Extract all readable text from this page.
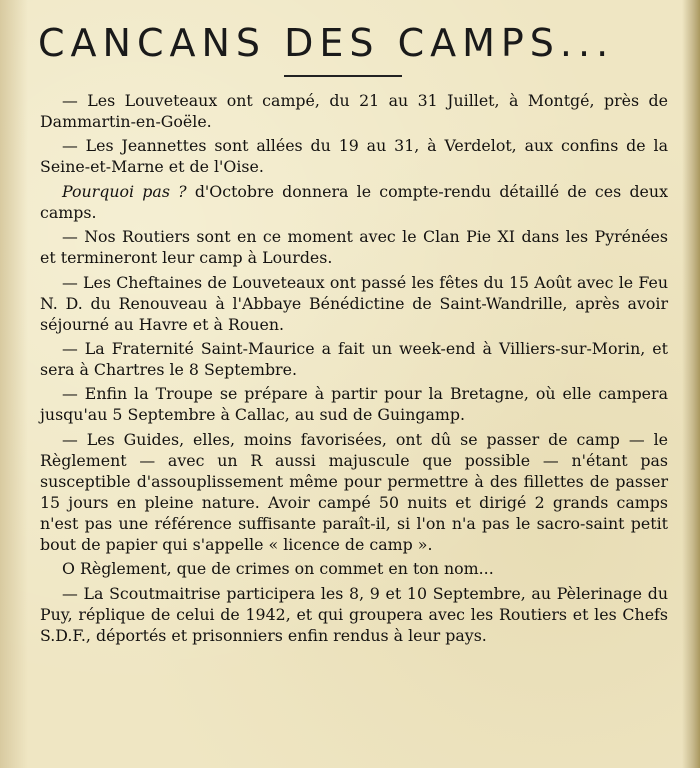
CANCANS DES CAMPS...

— Les Louveteaux ont campé, du 21 au 31 Juillet, à Montgé, près de Dammartin-en-Goële.

— Les Jeannettes sont allées du 19 au 31, à Verdelot, aux confins de la Seine-et-Marne et de l'Oise.

Pourquoi pas ? d'Octobre donnera le compte-rendu détaillé de ces deux camps.

— Nos Routiers sont en ce moment avec le Clan Pie XI dans les Pyrénées et termineront leur camp à Lourdes.

— Les Cheftaines de Louveteaux ont passé les fêtes du 15 Août avec le Feu N. D. du Renouveau à l'Abbaye Bénédictine de Saint-Wandrille, après avoir séjourné au Havre et à Rouen.

— La Fraternité Saint-Maurice a fait un week-end à Villiers-sur-Morin, et sera à Chartres le 8 Septembre.

— Enfin la Troupe se prépare à partir pour la Bretagne, où elle campera jusqu'au 5 Septembre à Callac, au sud de Guingamp.

— Les Guides, elles, moins favorisées, ont dû se passer de camp — le Règlement — avec un R aussi majuscule que possible — n'étant pas susceptible d'assouplissement même pour permettre à des fillettes de passer 15 jours en pleine nature. Avoir campé 50 nuits et dirigé 2 grands camps n'est pas une référence suffisante paraît-il, si l'on n'a pas le sacro-saint petit bout de papier qui s'appelle « licence de camp ».

O Règlement, que de crimes on commet en ton nom...

— La Scoutmaitrise participera les 8, 9 et 10 Septembre, au Pèlerinage du Puy, réplique de celui de 1942, et qui groupera avec les Routiers et les Chefs S.D.F., déportés et prisonniers enfin rendus à leur pays.
